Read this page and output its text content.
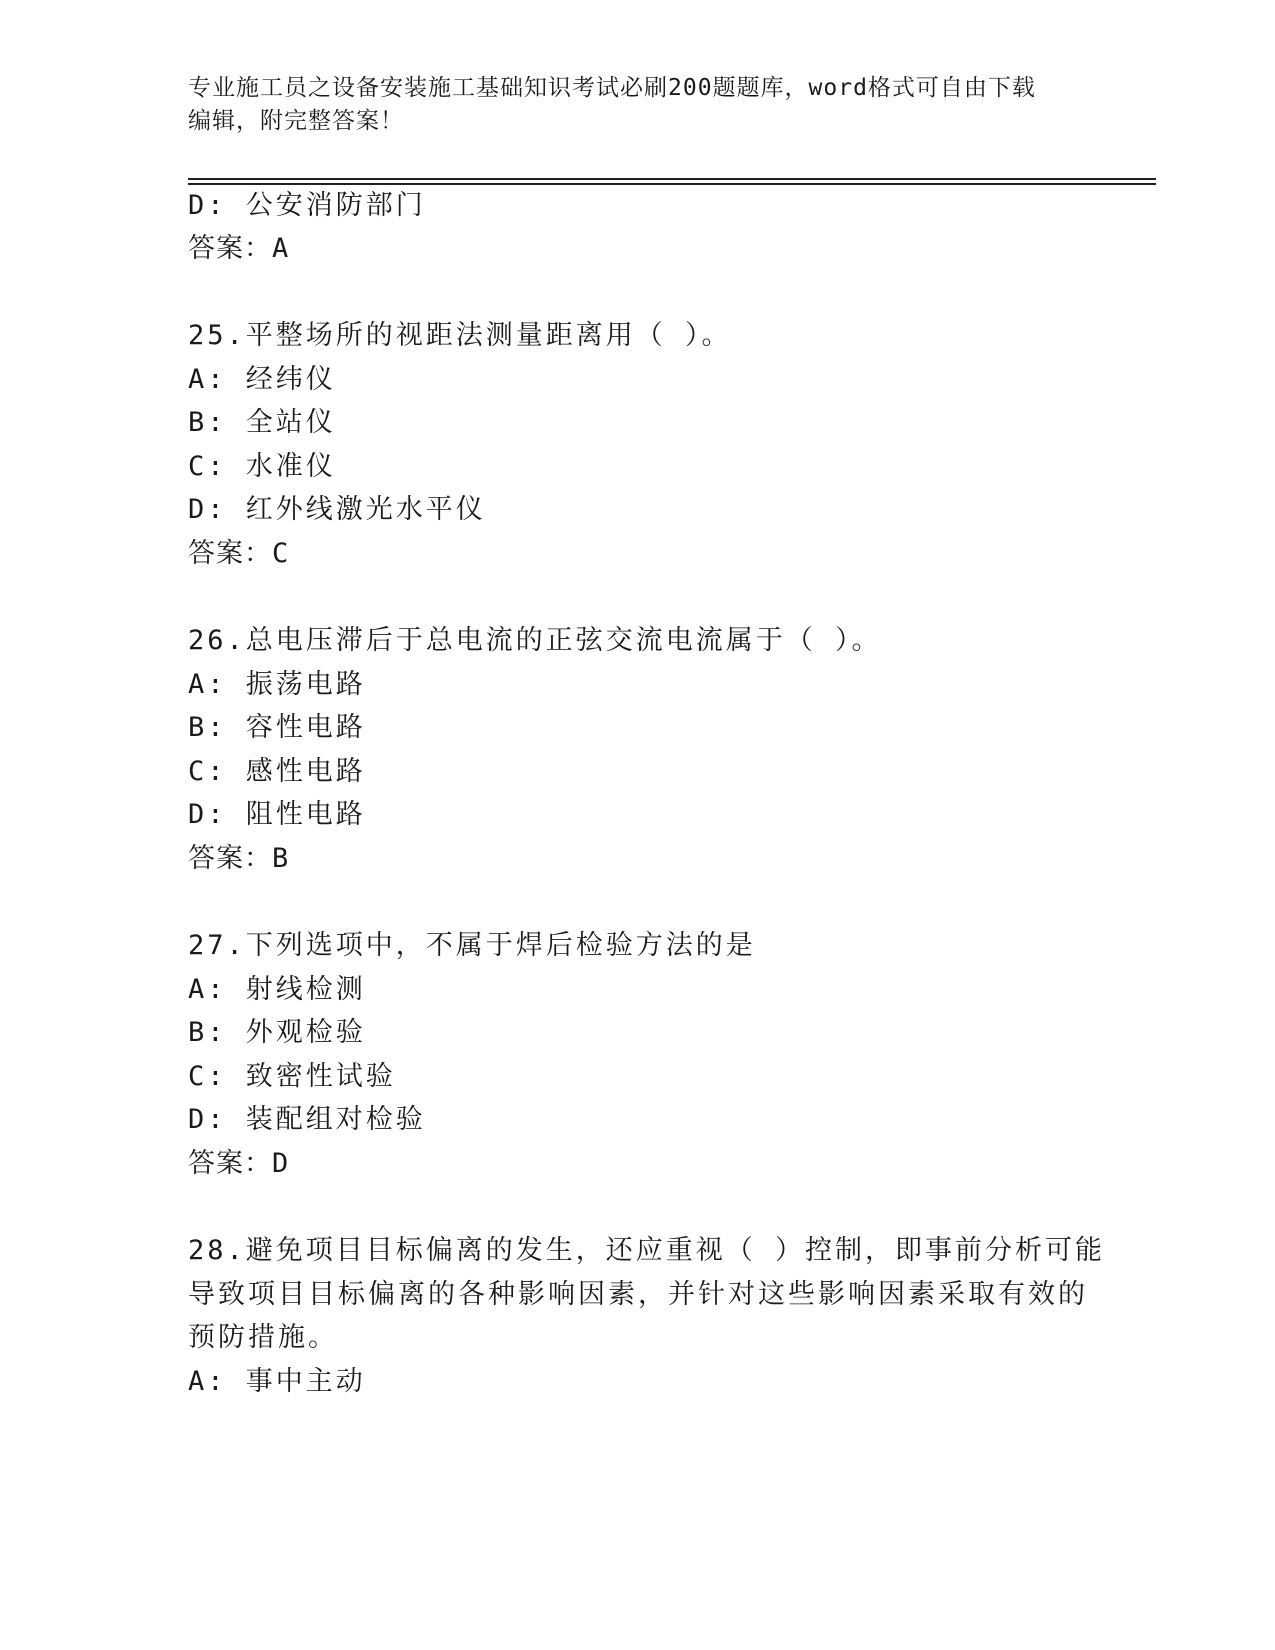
专业施工员之设备安装施工基础知识考试必刷200题题库，word格式可自由下载
编辑，附完整答案！
D: 公安消防部门
答案：A
25.平整场所的视距法测量距离用（ ）。
A: 经纬仪
B: 全站仪
C: 水准仪
D: 红外线激光水平仪
答案：C
26.总电压滞后于总电流的正弦交流电流属于（ ）。
A: 振荡电路
B: 容性电路
C: 感性电路
D: 阻性电路
答案：B
27.下列选项中，不属于焊后检验方法的是
A: 射线检测
B: 外观检验
C: 致密性试验
D: 装配组对检验
答案：D
28.避免项目目标偏离的发生，还应重视（ ）控制，即事前分析可能
导致项目目标偏离的各种影响因素，并针对这些影响因素采取有效的
预防措施。
A: 事中主动
